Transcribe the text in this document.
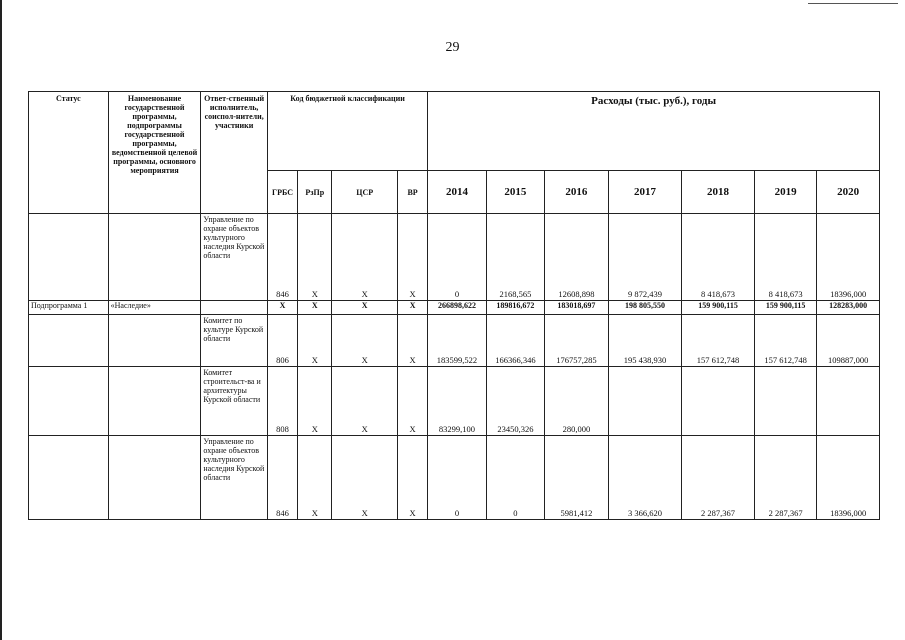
29
Статус	Наименование государственной программы, подпрограммы государственной программы, ведомственной целевой программы, основного мероприятия	Ответ-ственный исполнитель, соиспол-нители, участники	Код бюджетной классификации				Расходы (тыс. руб.), годы						
			ГРБС	РзПр	ЦСР	ВР	2014	2015	2016	2017	2018	2019	2020
		Управление по охране объектов культурного наследия Курской области	846	Х	Х	Х	0	2168,565	12608,898	9 872,439	8 418,673	8 418,673	18396,000
Подпрограмма 1	«Наследие»		Х	Х	Х	Х	266898,622	189816,672	183018,697	198 805,550	159 900,115	159 900,115	128283,000
		Комитет по культуре Курской области	806	Х	Х	Х	183599,522	166366,346	176757,285	195 438,930	157 612,748	157 612,748	109887,000
		Комитет строительст-ва и архитектуры Курской области	808	Х	Х	Х	83299,100	23450,326	280,000				
		Управление по охране объектов культурного наследия Курской области	846	Х	Х	Х	0	0	5981,412	3 366,620	2 287,367	2 287,367	18396,000
